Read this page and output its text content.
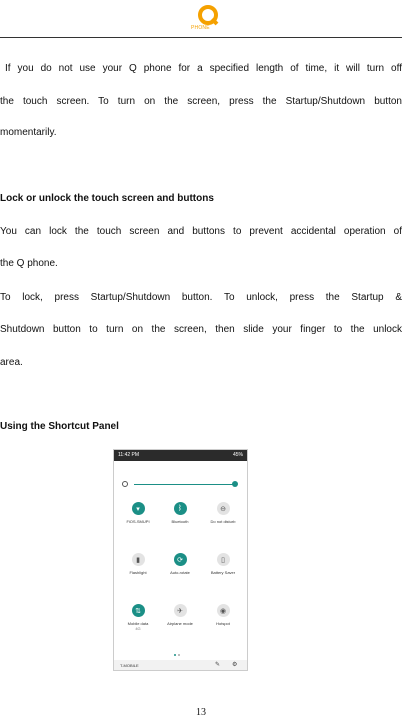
PHONE

If you do not use your Q phone for a specified length of time, it will turn off

the touch screen. To turn on the screen, press the Startup/Shutdown button

momentarily.

Lock or unlock the touch screen and buttons

You can lock the touch screen and buttons to prevent accidental operation of

the Q phone.

To lock, press Startup/Shutdown button. To unlock, press the Startup &

Shutdown button to turn on the screen, then slide your finger to the unlock

area.

Using the Shortcut Panel

11:42 PM	45%
▾
FiOS-SMUPI
ᛒ
Bluetooth
⊖
Do not disturb
▮
Flashlight
⟳
Auto-rotate
▯
Battery Saver
⇅
Mobile data
4G
✈
Airplane mode
◉
Hotspot
T-MOBILE	✎ ⚙
13
